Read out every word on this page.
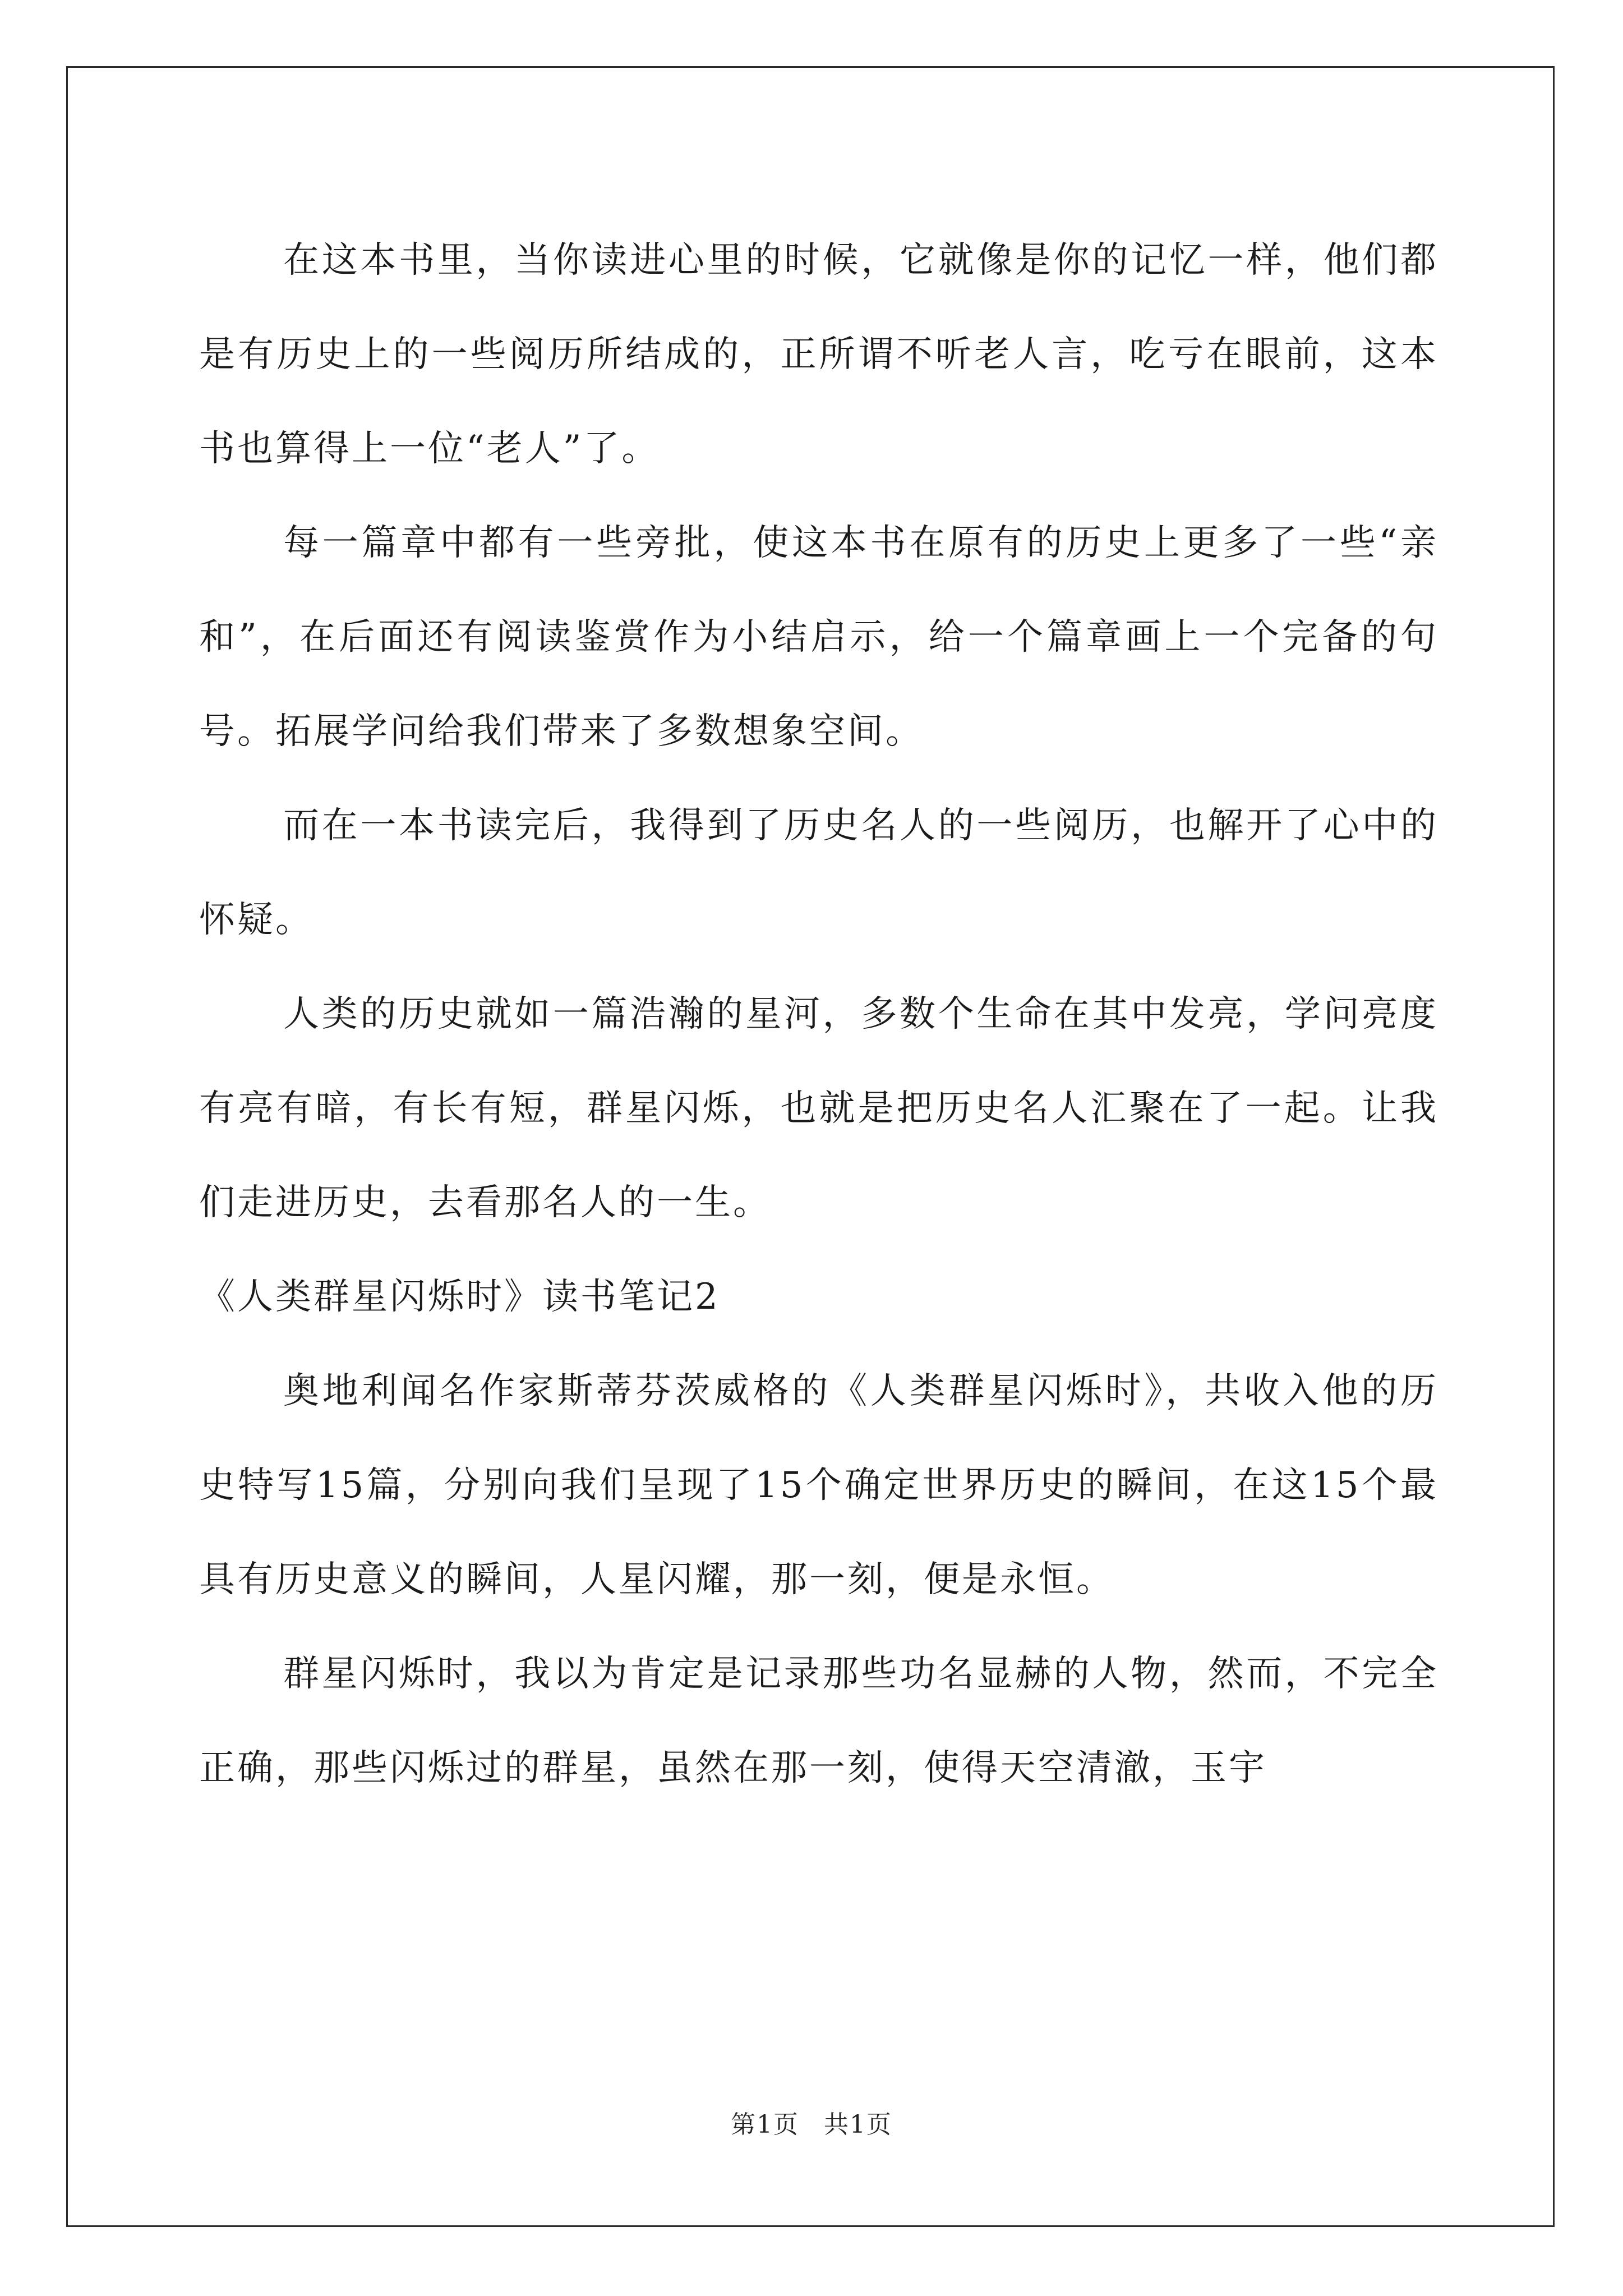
在这本书里，当你读进心里的时候，它就像是你的记忆一样，他们都是有历史上的一些阅历所结成的，正所谓不听老人言，吃亏在眼前，这本书也算得上一位“老人”了。

每一篇章中都有一些旁批，使这本书在原有的历史上更多了一些“亲和”，在后面还有阅读鉴赏作为小结启示，给一个篇章画上一个完备的句号。拓展学问给我们带来了多数想象空间。

而在一本书读完后，我得到了历史名人的一些阅历，也解开了心中的怀疑。

人类的历史就如一篇浩瀚的星河，多数个生命在其中发亮，学问亮度有亮有暗，有长有短，群星闪烁，也就是把历史名人汇聚在了一起。让我们走进历史，去看那名人的一生。

《人类群星闪烁时》读书笔记2

奥地利闻名作家斯蒂芬茨威格的《人类群星闪烁时》，共收入他的历史特写15篇，分别向我们呈现了15个确定世界历史的瞬间，在这15个最具有历史意义的瞬间，人星闪耀，那一刻，便是永恒。

群星闪烁时，我以为肯定是记录那些功名显赫的人物，然而，不完全正确，那些闪烁过的群星，虽然在那一刻，使得天空清澈，玉宇

第1页 共1页
